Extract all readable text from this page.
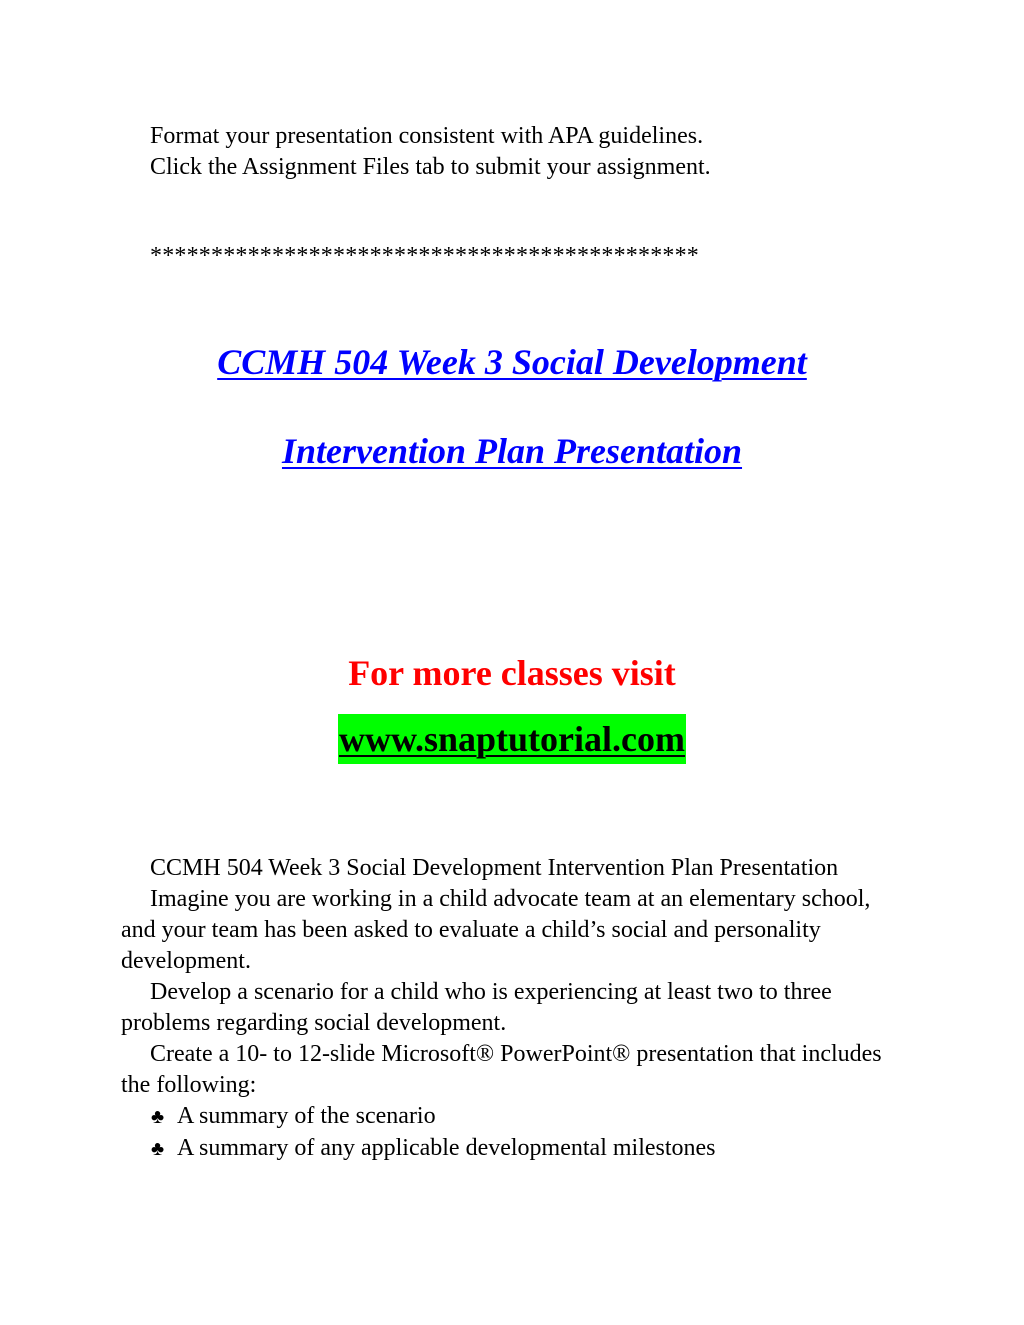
Format your presentation consistent with APA guidelines.
Click the Assignment Files tab to submit your assignment.
*********************************************
CCMH 504 Week 3 Social Development
Intervention Plan Presentation
For more classes visit
www.snaptutorial.com

CCMH 504 Week 3 Social Development Intervention Plan Presentation

Imagine you are working in a child advocate team at an elementary school, and your team has been asked to evaluate a child’s social and personality development.

Develop a scenario for a child who is experiencing at least two to three problems regarding social development.

Create a 10- to 12-slide Microsoft® PowerPoint® presentation that includes the following:

♣ A summary of the scenario
♣ A summary of any applicable developmental milestones
